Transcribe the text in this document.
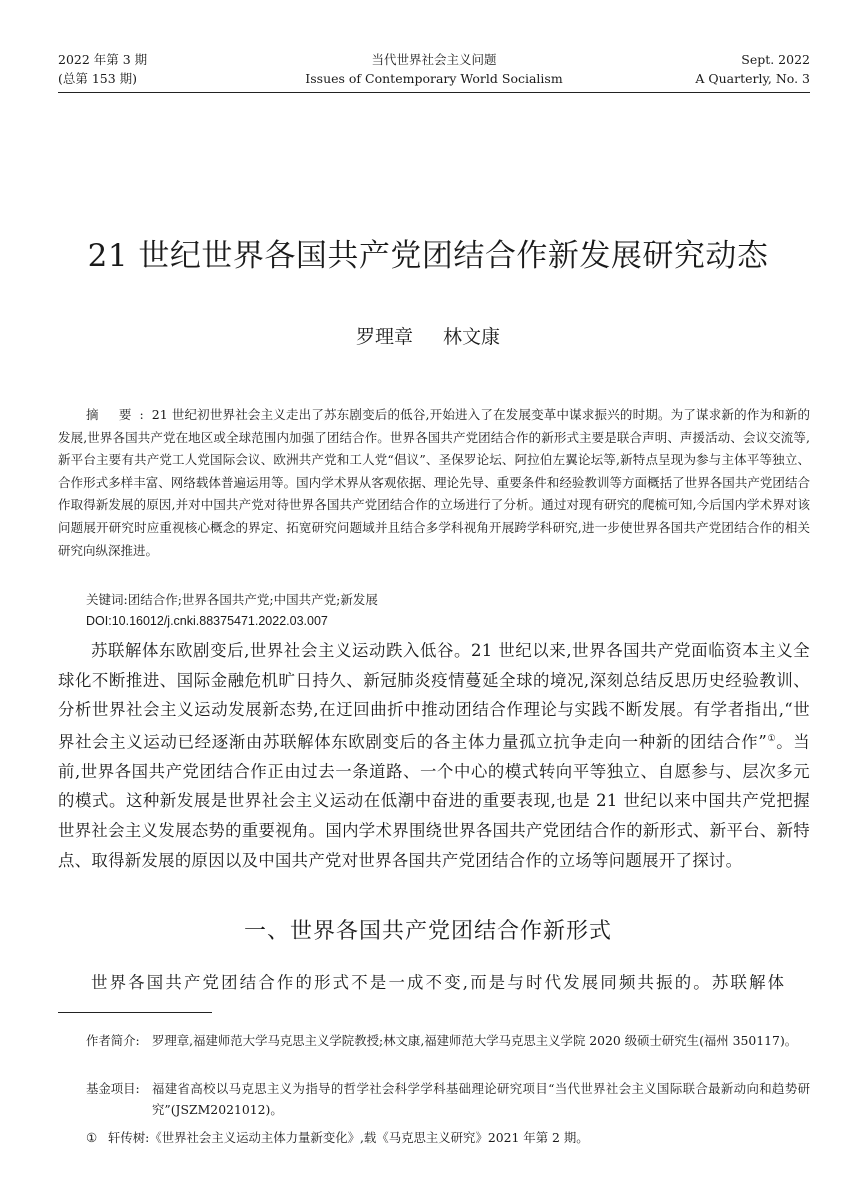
2022 年第 3 期
(总第 153 期)
当代世界社会主义问题
Issues of Contemporary World Socialism
Sept. 2022
A Quarterly, No. 3
21 世纪世界各国共产党团结合作新发展研究动态
罗理章 林文康

摘 要:21 世纪初世界社会主义走出了苏东剧变后的低谷,开始进入了在发展变革中谋求振兴的时期。为了谋求新的作为和新的发展,世界各国共产党在地区或全球范围内加强了团结合作。世界各国共产党团结合作的新形式主要是联合声明、声援活动、会议交流等,新平台主要有共产党工人党国际会议、欧洲共产党和工人党“倡议”、圣保罗论坛、阿拉伯左翼论坛等,新特点呈现为参与主体平等独立、合作形式多样丰富、网络载体普遍运用等。国内学术界从客观依据、理论先导、重要条件和经验教训等方面概括了世界各国共产党团结合作取得新发展的原因,并对中国共产党对待世界各国共产党团结合作的立场进行了分析。通过对现有研究的爬梳可知,今后国内学术界对该问题展开研究时应重视核心概念的界定、拓宽研究问题域并且结合多学科视角开展跨学科研究,进一步使世界各国共产党团结合作的相关研究向纵深推进。

关键词:团结合作;世界各国共产党;中国共产党;新发展
DOI:10.16012/j.cnki.88375471.2022.03.007

苏联解体东欧剧变后,世界社会主义运动跌入低谷。21 世纪以来,世界各国共产党面临资本主义全球化不断推进、国际金融危机旷日持久、新冠肺炎疫情蔓延全球的境况,深刻总结反思历史经验教训、分析世界社会主义运动发展新态势,在迂回曲折中推动团结合作理论与实践不断发展。有学者指出,“世界社会主义运动已经逐渐由苏联解体东欧剧变后的各主体力量孤立抗争走向一种新的团结合作”①。当前,世界各国共产党团结合作正由过去一条道路、一个中心的模式转向平等独立、自愿参与、层次多元的模式。这种新发展是世界社会主义运动在低潮中奋进的重要表现,也是 21 世纪以来中国共产党把握世界社会主义发展态势的重要视角。国内学术界围绕世界各国共产党团结合作的新形式、新平台、新特点、取得新发展的原因以及中国共产党对世界各国共产党团结合作的立场等问题展开了探讨。

一、世界各国共产党团结合作新形式

世界各国共产党团结合作的形式不是一成不变,而是与时代发展同频共振的。苏联解体

作者简介: 罗理章,福建师范大学马克思主义学院教授;林文康,福建师范大学马克思主义学院 2020 级硕士研究生(福州 350117)。
基金项目: 福建省高校以马克思主义为指导的哲学社会科学学科基础理论研究项目“当代世界社会主义国际联合最新动向和趋势研究”(JSZM2021012)。
① 轩传树:《世界社会主义运动主体力量新变化》,载《马克思主义研究》2021 年第 2 期。
